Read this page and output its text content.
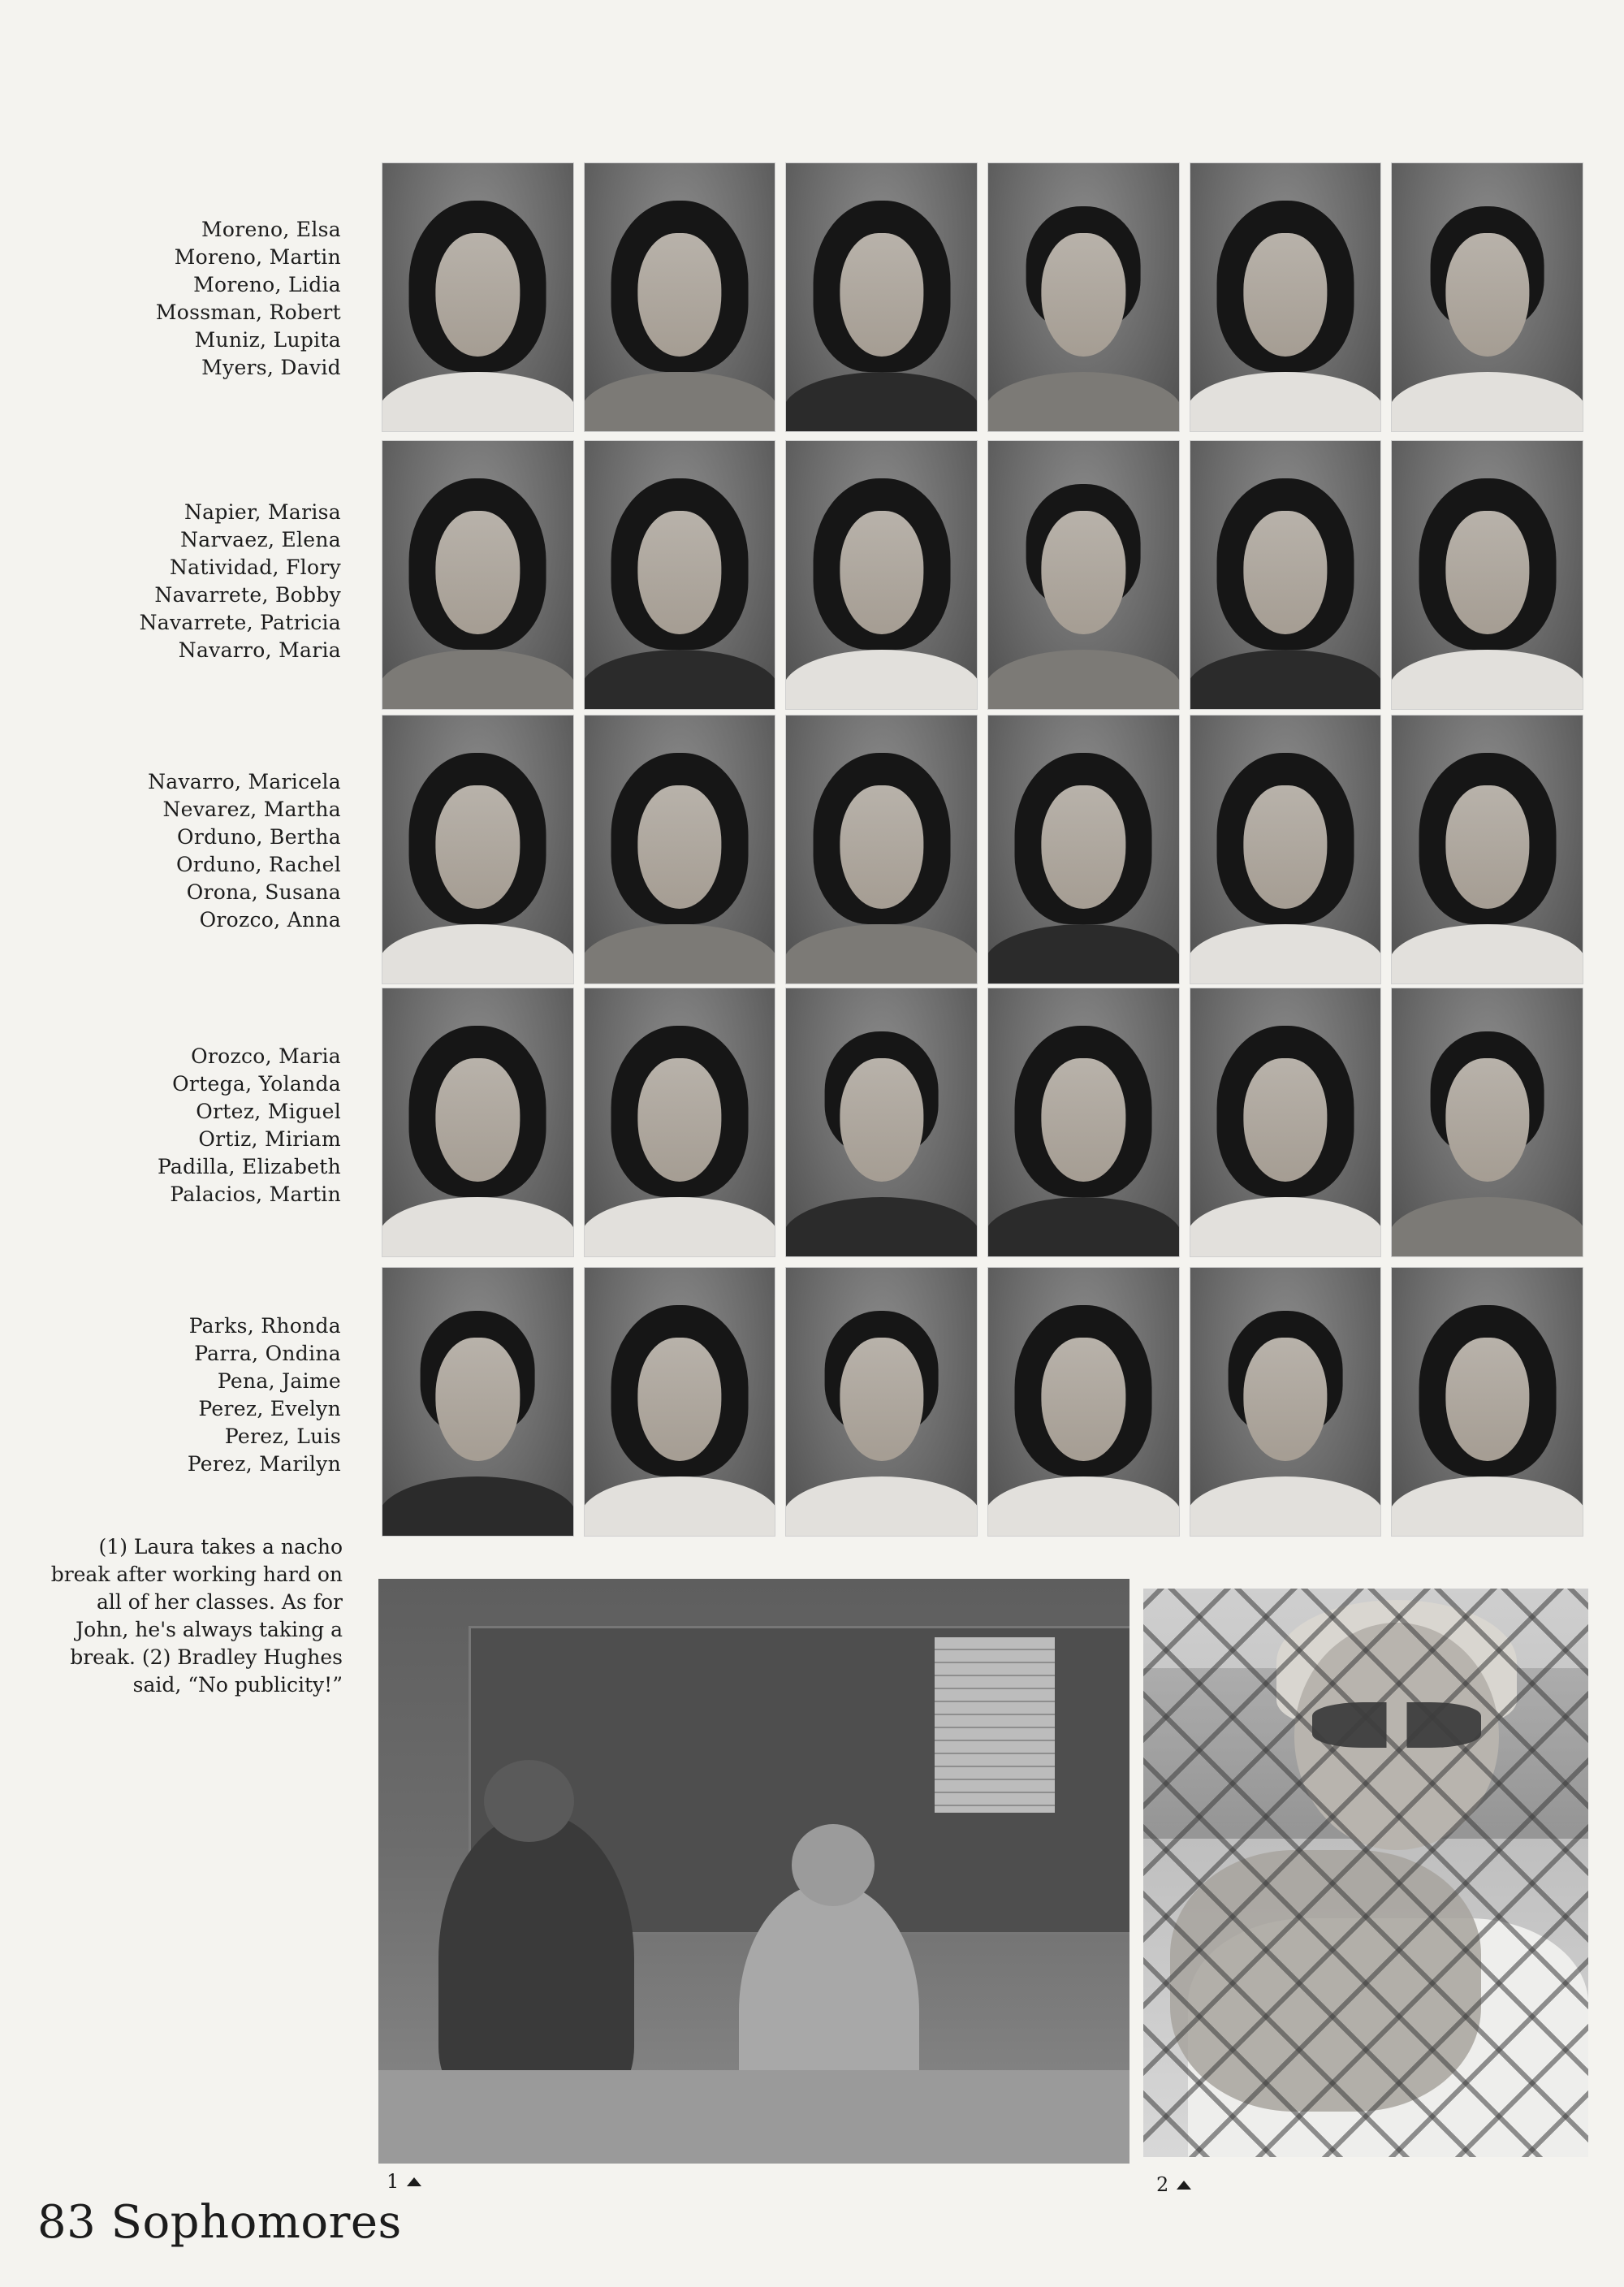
Moreno, Elsa
Moreno, Martin
Moreno, Lidia
Mossman, Robert
Muniz, Lupita
Myers, David
Napier, Marisa
Narvaez, Elena
Natividad, Flory
Navarrete, Bobby
Navarrete, Patricia
Navarro, Maria
Navarro, Maricela
Nevarez, Martha
Orduno, Bertha
Orduno, Rachel
Orona, Susana
Orozco, Anna
Orozco, Maria
Ortega, Yolanda
Ortez, Miguel
Ortiz, Miriam
Padilla, Elizabeth
Palacios, Martin
Parks, Rhonda
Parra, Ondina
Pena, Jaime
Perez, Evelyn
Perez, Luis
Perez, Marilyn
(1) Laura takes a nacho
break after working hard on
all of her classes. As for
John, he's always taking a
break. (2) Bradley Hughes
said, “No publicity!”
1	2
83 Sophomores
